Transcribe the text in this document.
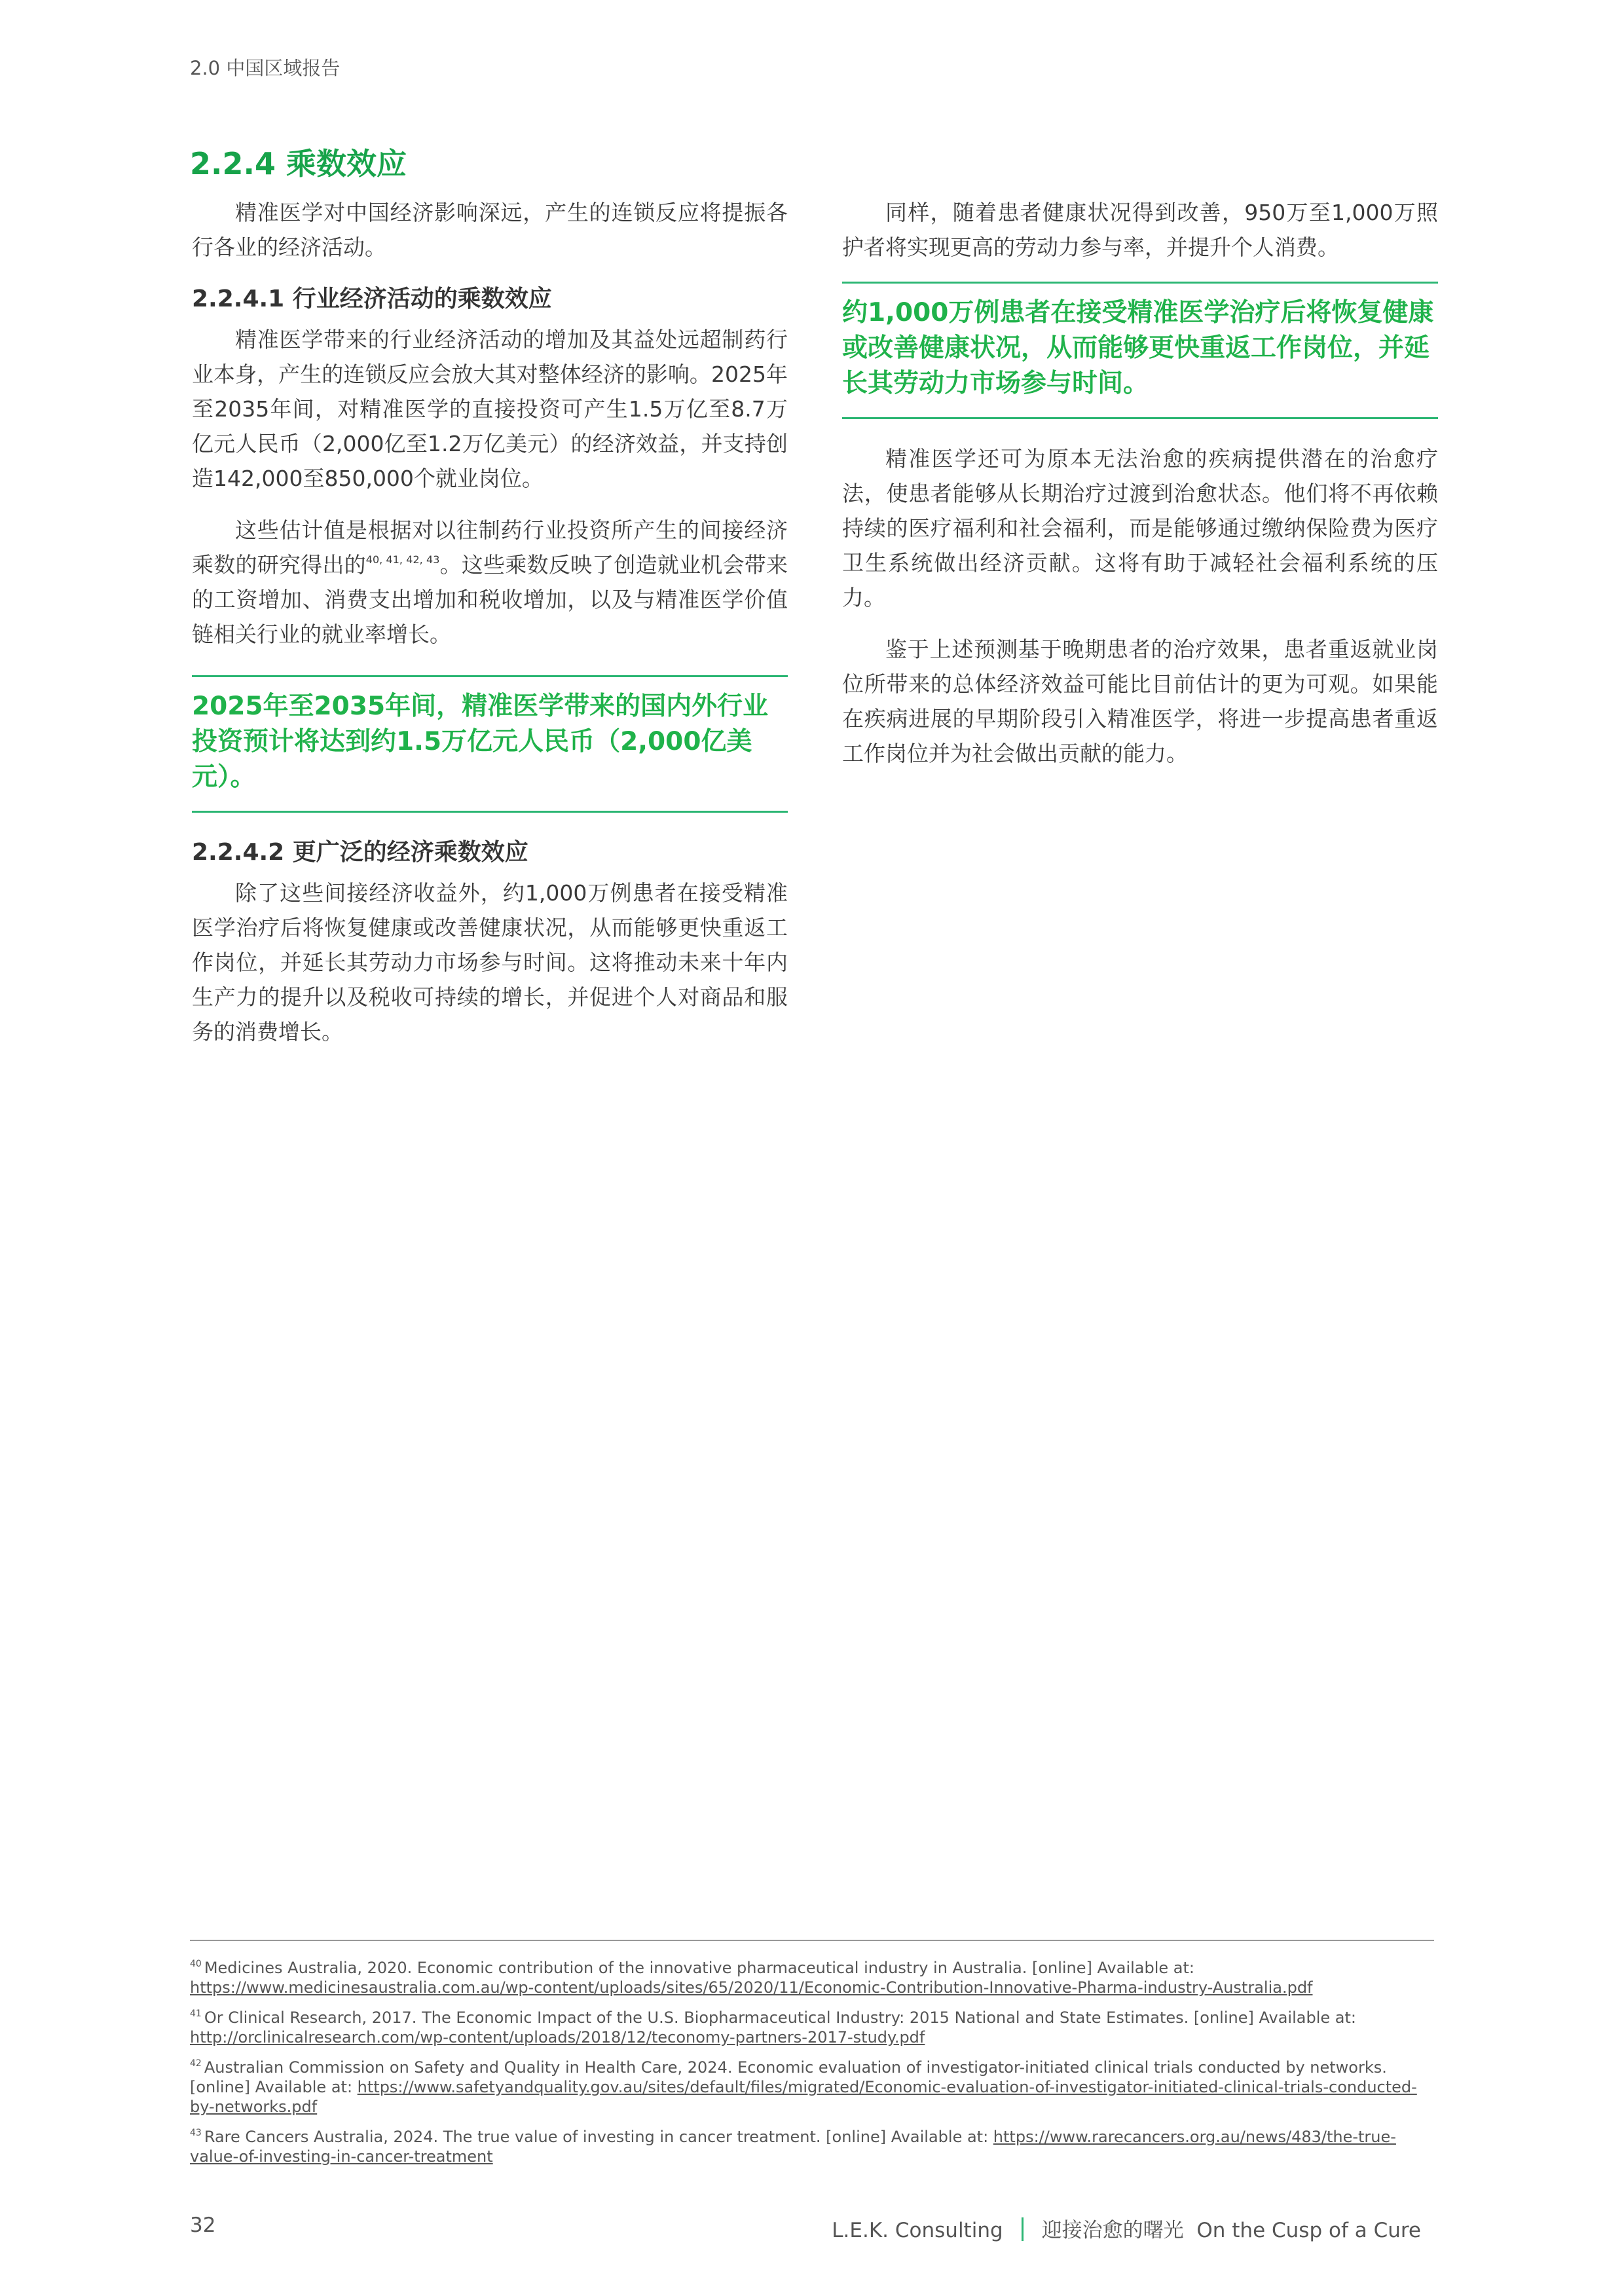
2.0 中国区域报告
2.2.4 乘数效应

精准医学对中国经济影响深远，产生的连锁反应将提振各行各业的经济活动。

2.2.4.1 行业经济活动的乘数效应

精准医学带来的行业经济活动的增加及其益处远超制药行业本身，产生的连锁反应会放大其对整体经济的影响。2025年至2035年间，对精准医学的直接投资可产生1.5万亿至8.7万亿元人民币（2,000亿至1.2万亿美元）的经济效益，并支持创造142,000至850,000个就业岗位。

这些估计值是根据对以往制药行业投资所产生的间接经济乘数的研究得出的$^{40, 41, 42, 43}$。这些乘数反映了创造就业机会带来的工资增加、消费支出增加和税收增加，以及与精准医学价值链相关行业的就业率增长。

2025年至2035年间，精准医学带来的国内外行业投资预计将达到约1.5万亿元人民币（2,000亿美元）。
2.2.4.2 更广泛的经济乘数效应

除了这些间接经济收益外，约1,000万例患者在接受精准医学治疗后将恢复健康或改善健康状况，从而能够更快重返工作岗位，并延长其劳动力市场参与时间。这将推动未来十年内生产力的提升以及税收可持续的增长，并促进个人对商品和服务的消费增长。

同样，随着患者健康状况得到改善，950万至1,000万照护者将实现更高的劳动力参与率，并提升个人消费。

约1,000万例患者在接受精准医学治疗后将恢复健康或改善健康状况，从而能够更快重返工作岗位，并延长其劳动力市场参与时间。

精准医学还可为原本无法治愈的疾病提供潜在的治愈疗法，使患者能够从长期治疗过渡到治愈状态。他们将不再依赖持续的医疗福利和社会福利，而是能够通过缴纳保险费为医疗卫生系统做出经济贡献。这将有助于减轻社会福利系统的压力。

鉴于上述预测基于晚期患者的治疗效果，患者重返就业岗位所带来的总体经济效益可能比目前估计的更为可观。如果能在疾病进展的早期阶段引入精准医学，将进一步提高患者重返工作岗位并为社会做出贡献的能力。

$^{40}$ Medicines Australia, 2020. Economic contribution of the innovative pharmaceutical industry in Australia. [online] Available at: https://www.medicinesaustralia.com.au/wp-content/uploads/sites/65/2020/11/Economic-Contribution-Innovative-Pharma-industry-Australia.pdf
$^{41}$ Or Clinical Research, 2017. The Economic Impact of the U.S. Biopharmaceutical Industry: 2015 National and State Estimates. [online] Available at: http://orclinicalresearch.com/wp-content/uploads/2018/12/teconomy-partners-2017-study.pdf
$^{42}$ Australian Commission on Safety and Quality in Health Care, 2024. Economic evaluation of investigator-initiated clinical trials conducted by networks. [online] Available at: https://www.safetyandquality.gov.au/sites/default/files/migrated/Economic-evaluation-of-investigator-initiated-clinical-trials-conducted-by-networks.pdf
$^{43}$ Rare Cancers Australia, 2024. The true value of investing in cancer treatment. [online] Available at: https://www.rarecancers.org.au/news/483/the-true-value-of-investing-in-cancer-treatment
32	L.E.K. Consulting 迎接治愈的曙光 On the Cusp of a Cure
